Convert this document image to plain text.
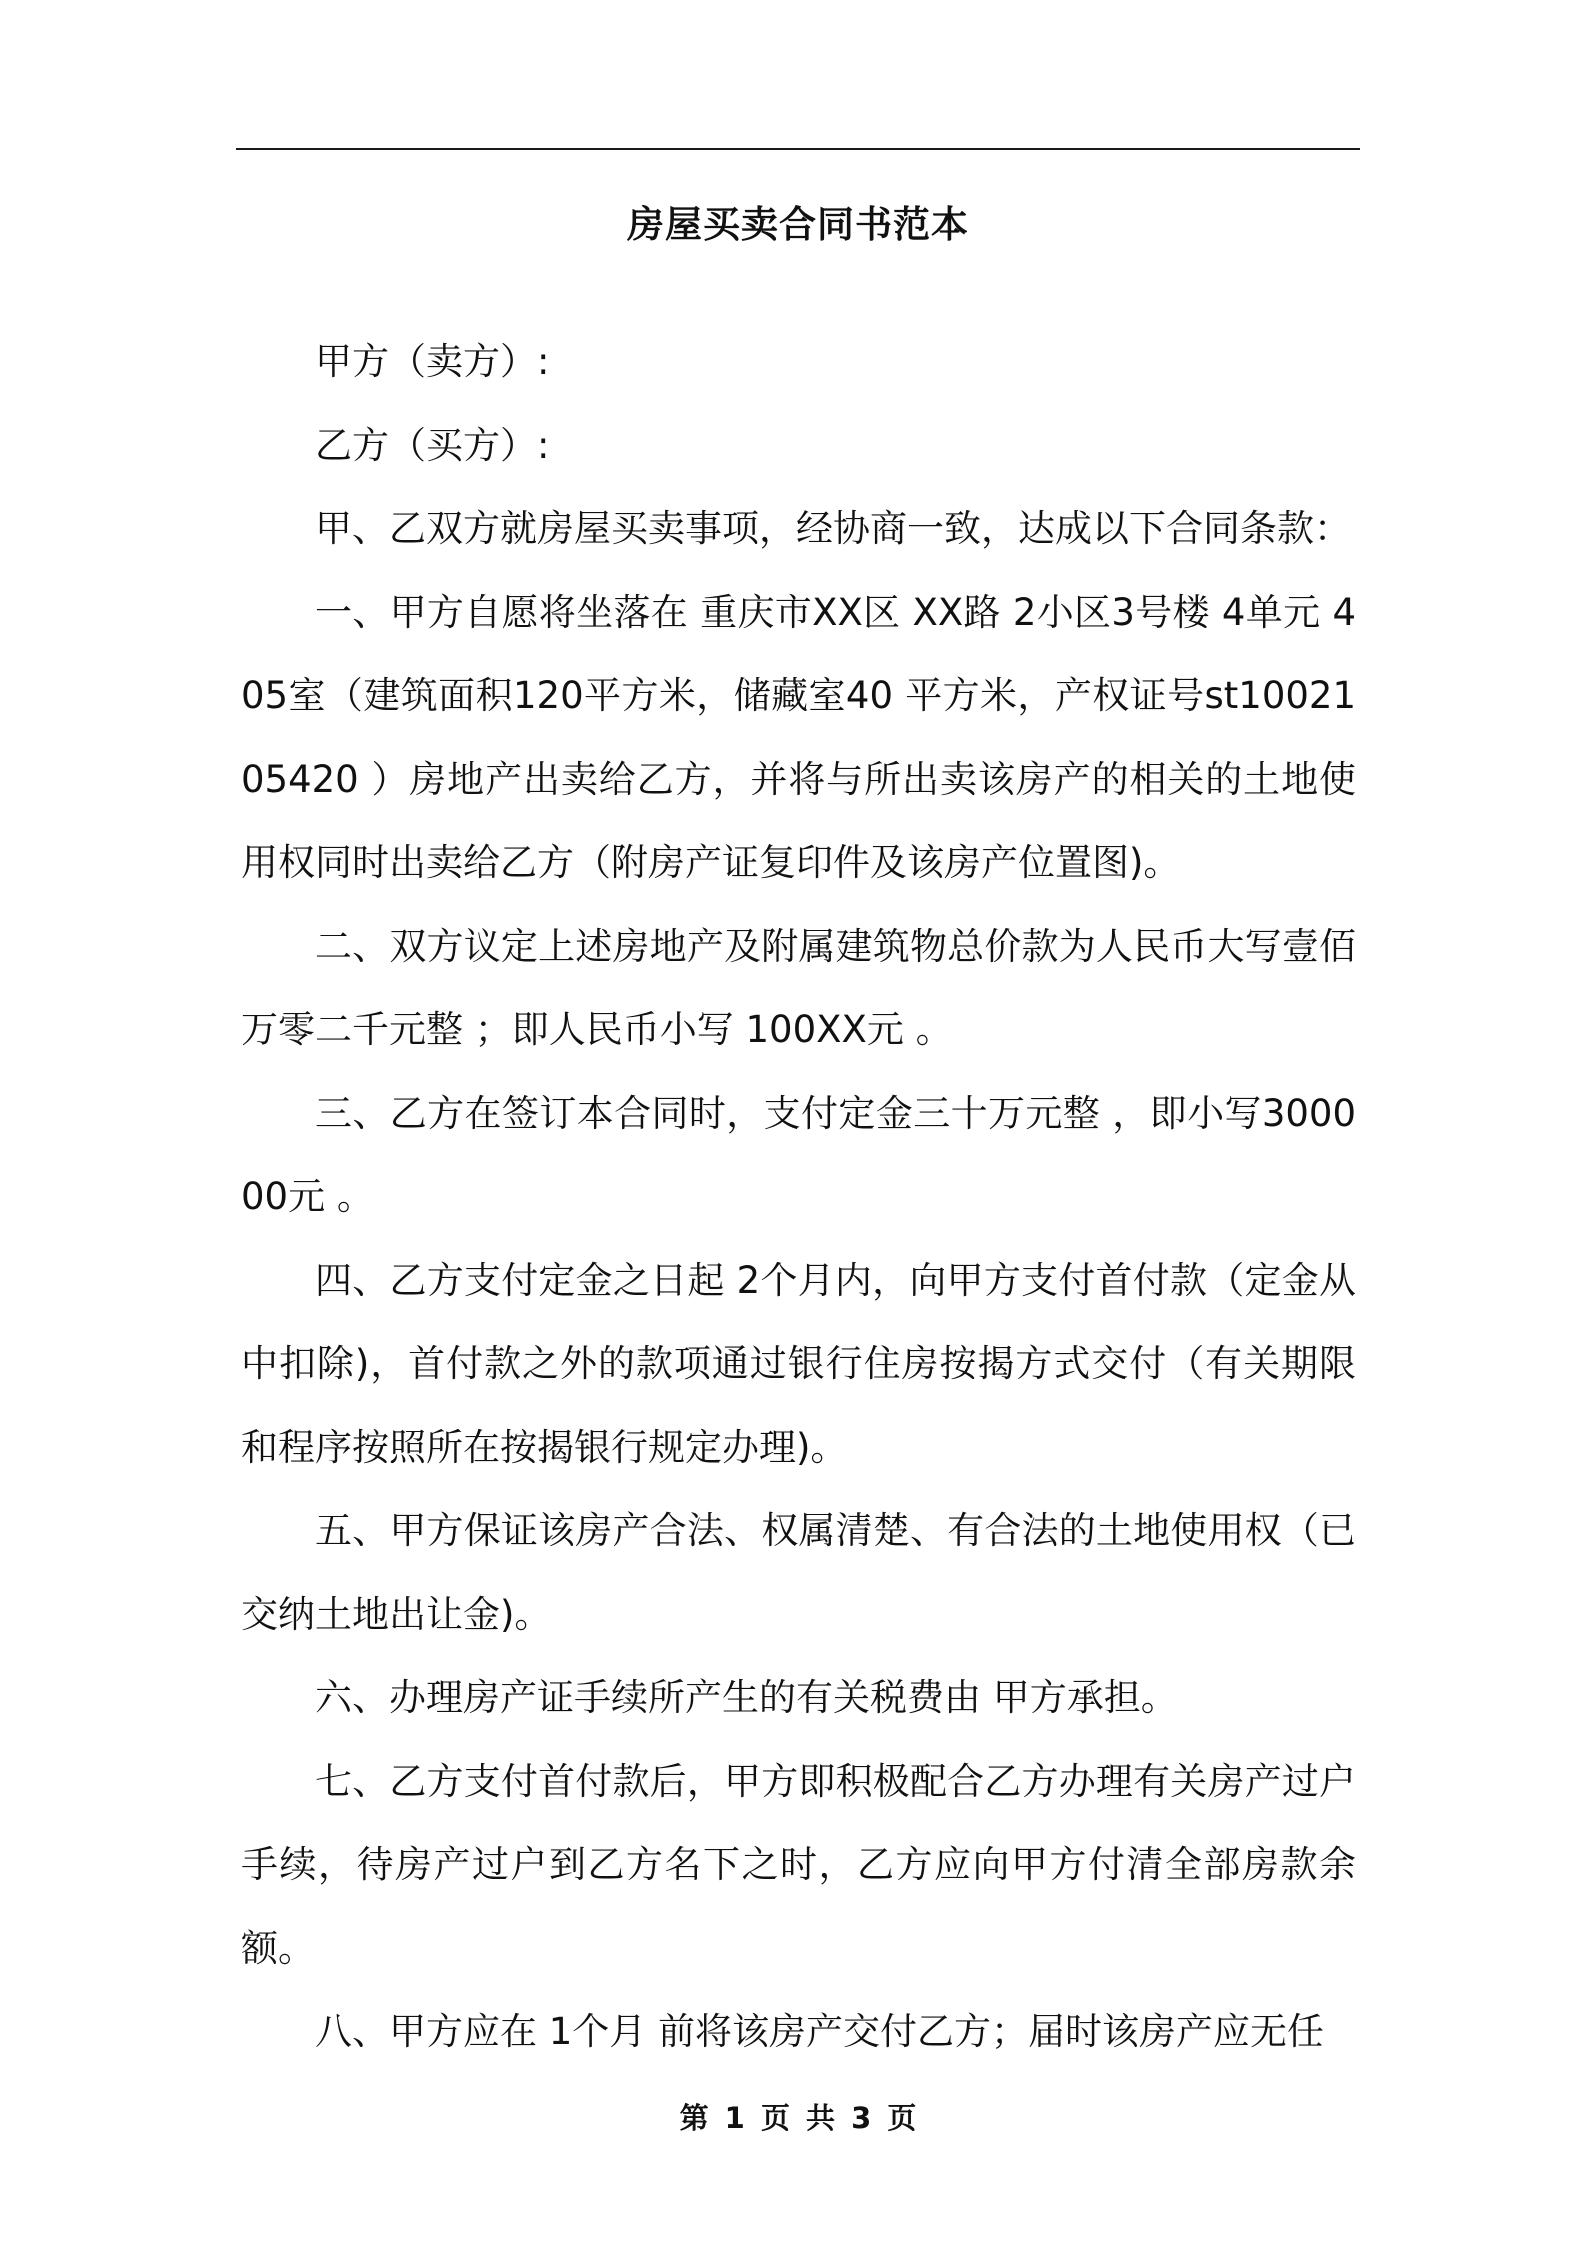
房屋买卖合同书范本

甲方（卖方）:

乙方（买方）:

甲、乙双方就房屋买卖事项，经协商一致，达成以下合同条款：

一、甲方自愿将坐落在 重庆市XX区 XX路 2小区3号楼 4单元 405室（建筑面积120平方米，储藏室40 平方米，产权证号st1002105420 ）房地产出卖给乙方，并将与所出卖该房产的相关的土地使用权同时出卖给乙方（附房产证复印件及该房产位置图)。

二、双方议定上述房地产及附属建筑物总价款为人民币大写壹佰万零二千元整 ；即人民币小写 100XX元 。

三、乙方在签订本合同时，支付定金三十万元整 ，即小写300000元 。

四、乙方支付定金之日起 2个月内，向甲方支付首付款（定金从中扣除)，首付款之外的款项通过银行住房按揭方式交付（有关期限和程序按照所在按揭银行规定办理)。

五、甲方保证该房产合法、权属清楚、有合法的土地使用权（已交纳土地出让金)。

六、办理房产证手续所产生的有关税费由 甲方承担。

七、乙方支付首付款后，甲方即积极配合乙方办理有关房产过户手续，待房产过户到乙方名下之时，乙方应向甲方付清全部房款余额。

八、甲方应在 1个月 前将该房产交付乙方；届时该房产应无任

第 1 页 共 3 页
